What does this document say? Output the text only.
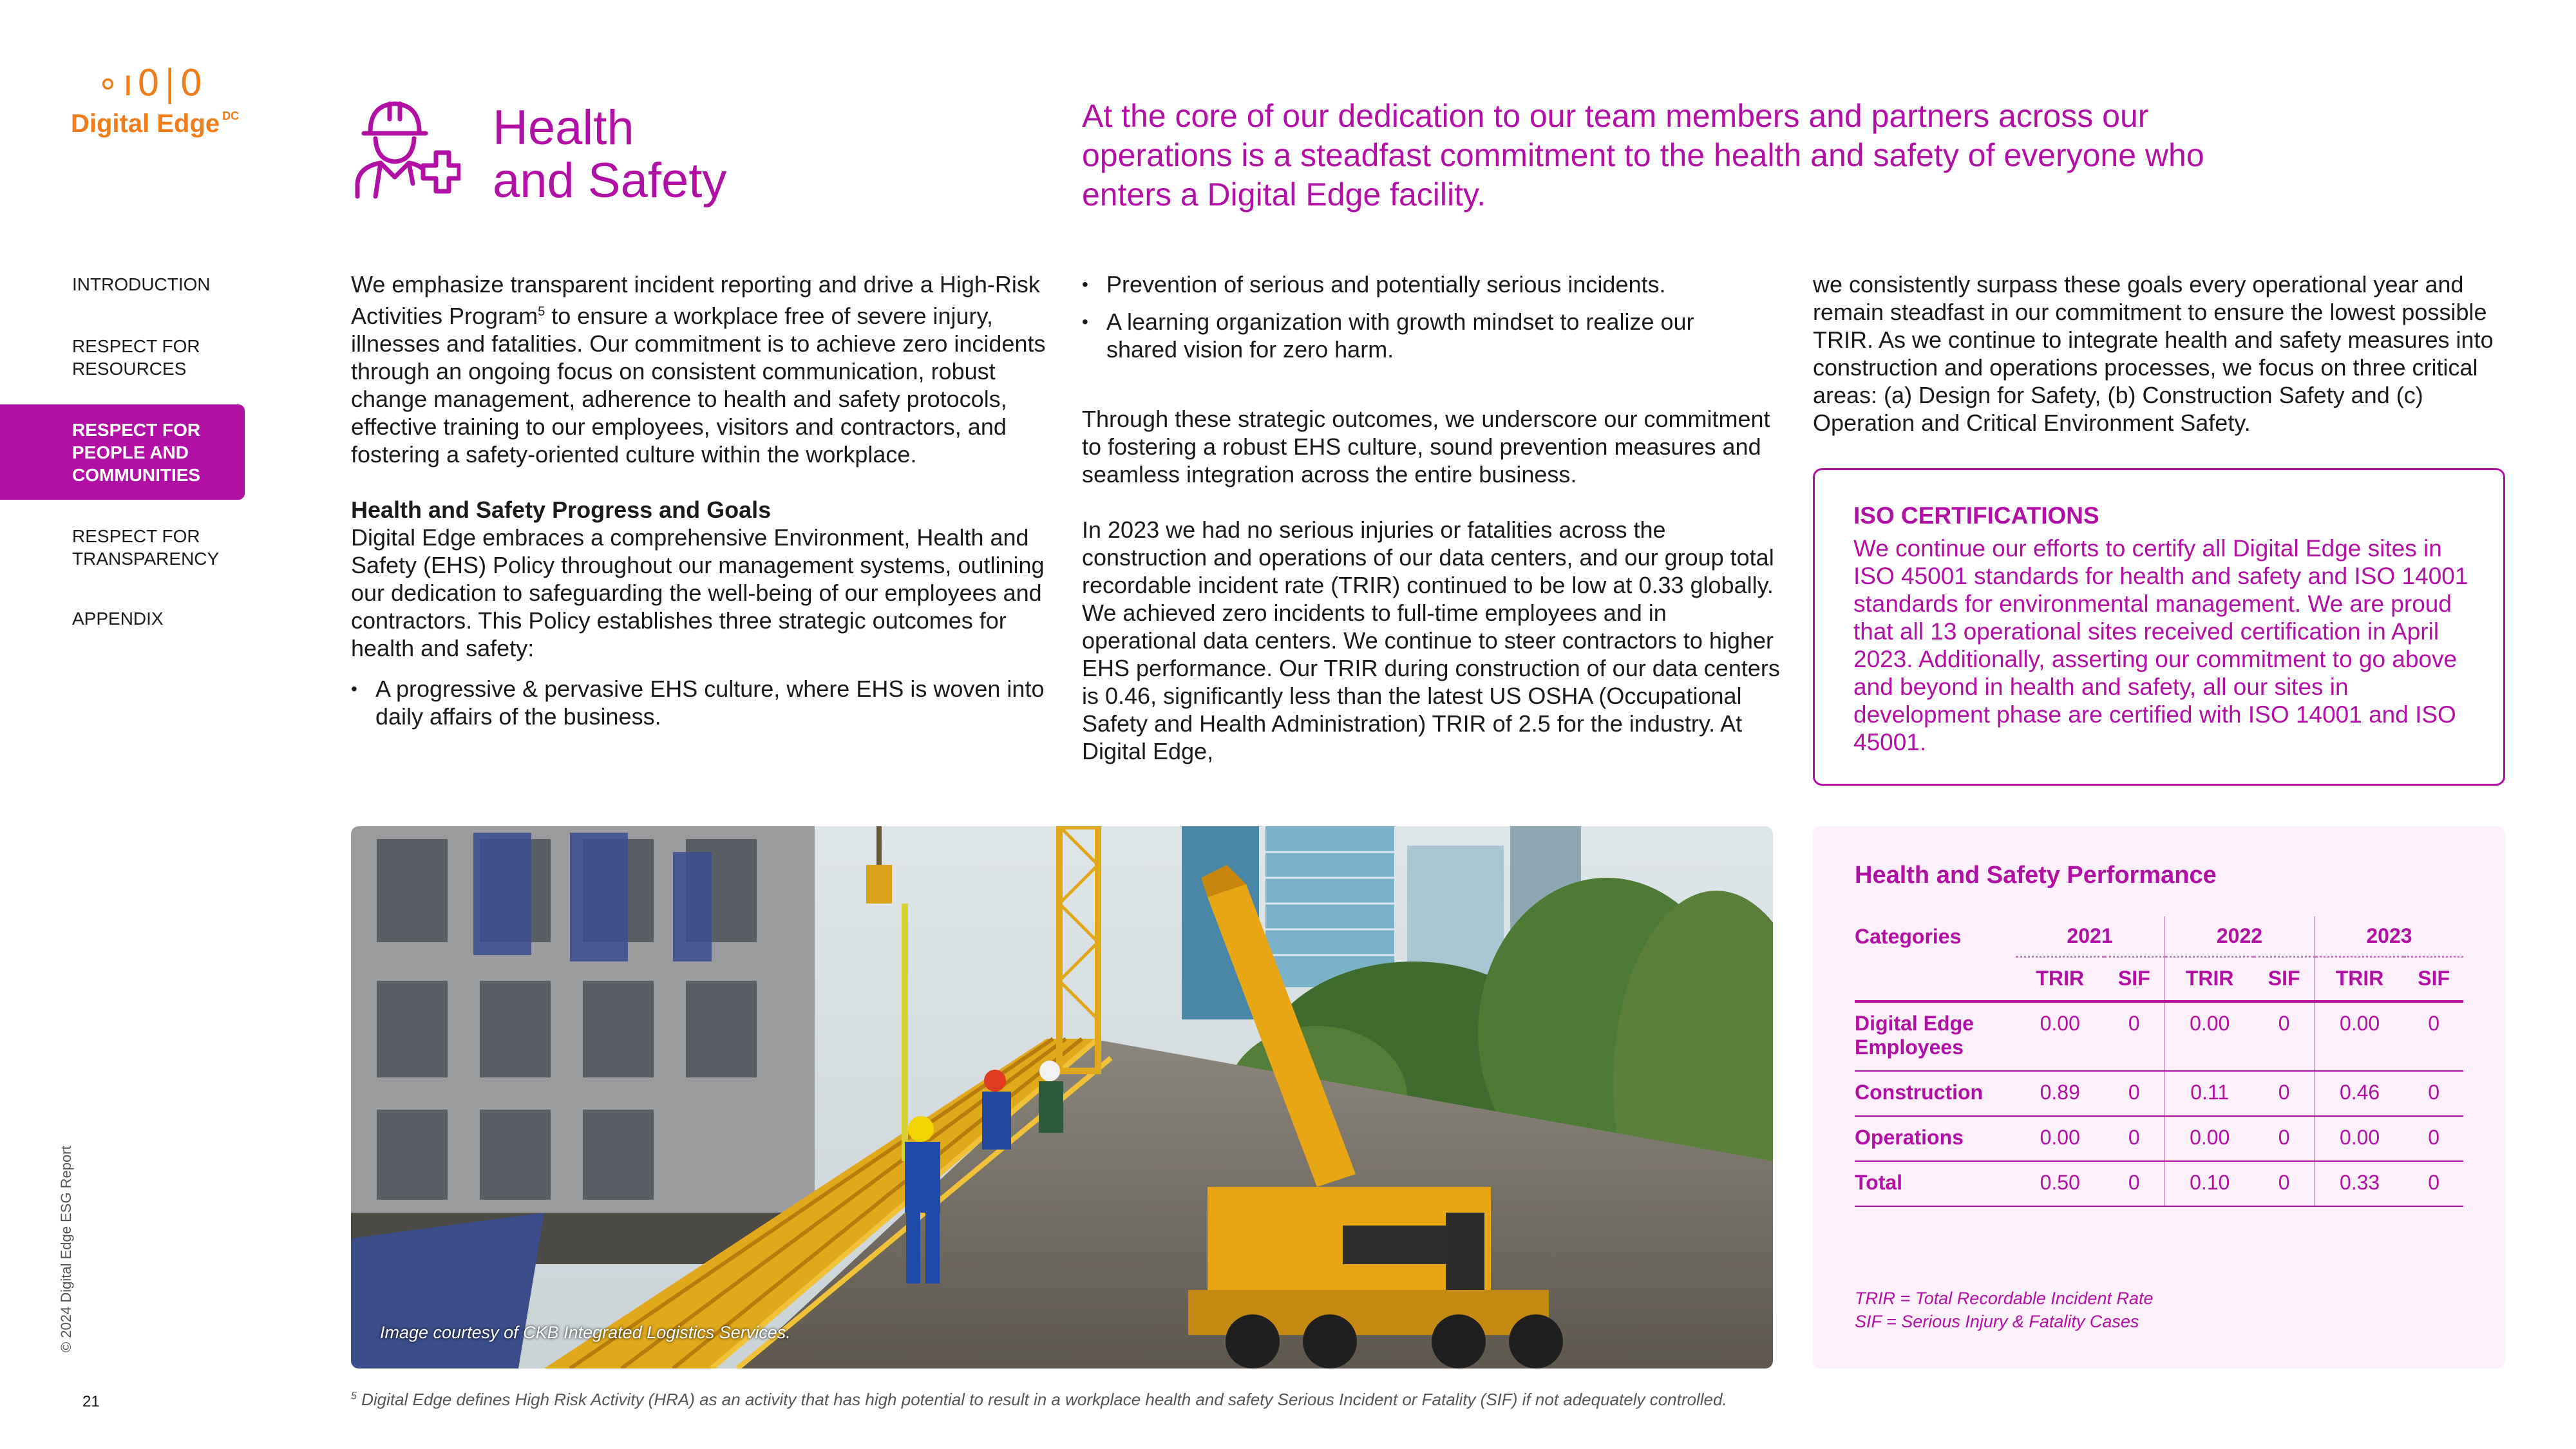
∘ı0|0
Digital Edge $^{DC}$
INTRODUCTION
RESPECT FOR RESOURCES
RESPECT FOR PEOPLE AND COMMUNITIES
RESPECT FOR TRANSPARENCY
APPENDIX
Health
and Safety
At the core of our dedication to our team members and partners across our operations is a steadfast commitment to the health and safety of everyone who enters a Digital Edge facility.

We emphasize transparent incident reporting and drive a High-Risk Activities Program$^5$ to ensure a workplace free of severe injury, illnesses and fatalities. Our commitment is to achieve zero incidents through an ongoing focus on consistent communication, robust change management, adherence to health and safety protocols, effective training to our employees, visitors and contractors, and fostering a safety-oriented culture within the workplace.

Health and Safety Progress and Goals

Digital Edge embraces a comprehensive Environment, Health and Safety (EHS) Policy throughout our management systems, outlining our dedication to safeguarding the well-being of our employees and contractors. This Policy establishes three strategic outcomes for health and safety:

• A progressive & pervasive EHS culture, where EHS is woven into daily affairs of the business.
• Prevention of serious and potentially serious incidents.
• A learning organization with growth mindset to realize our shared vision for zero harm.

Through these strategic outcomes, we underscore our commitment to fostering a robust EHS culture, sound prevention measures and seamless integration across the entire business.

In 2023 we had no serious injuries or fatalities across the construction and operations of our data centers, and our group total recordable incident rate (TRIR) continued to be low at 0.33 globally. We achieved zero incidents to full-time employees and in operational data centers. We continue to steer contractors to higher EHS performance. Our TRIR during construction of our data centers is 0.46, significantly less than the latest US OSHA (Occupational Safety and Health Administration) TRIR of 2.5 for the industry. At Digital Edge,

we consistently surpass these goals every operational year and remain steadfast in our commitment to ensure the lowest possible TRIR. As we continue to integrate health and safety measures into construction and operations processes, we focus on three critical areas: (a) Design for Safety, (b) Construction Safety and (c) Operation and Critical Environment Safety.

ISO CERTIFICATIONS
We continue our efforts to certify all Digital Edge sites in ISO 45001 standards for health and safety and ISO 14001 standards for environmental management. We are proud that all 13 operational sites received certification in April 2023. Additionally, asserting our commitment to go above and beyond in health and safety, all our sites in development phase are certified with ISO 14001 and ISO 45001.
Image courtesy of CKB Integrated Logistics Services.
Health and Safety Performance
Categories	2021		2022		2023	
	TRIR	SIF	TRIR	SIF	TRIR	SIF
Digital Edge Employees	0.00	0	0.00	0	0.00	0
Construction	0.89	0	0.11	0	0.46	0
Operations	0.00	0	0.00	0	0.00	0
Total	0.50	0	0.10	0	0.33	0
TRIR = Total Recordable Incident Rate
SIF = Serious Injury & Fatality Cases
© 2024 Digital Edge ESG Report
21	$^5$ Digital Edge defines High Risk Activity (HRA) as an activity that has high potential to result in a workplace health and safety Serious Incident or Fatality (SIF) if not adequately controlled.
